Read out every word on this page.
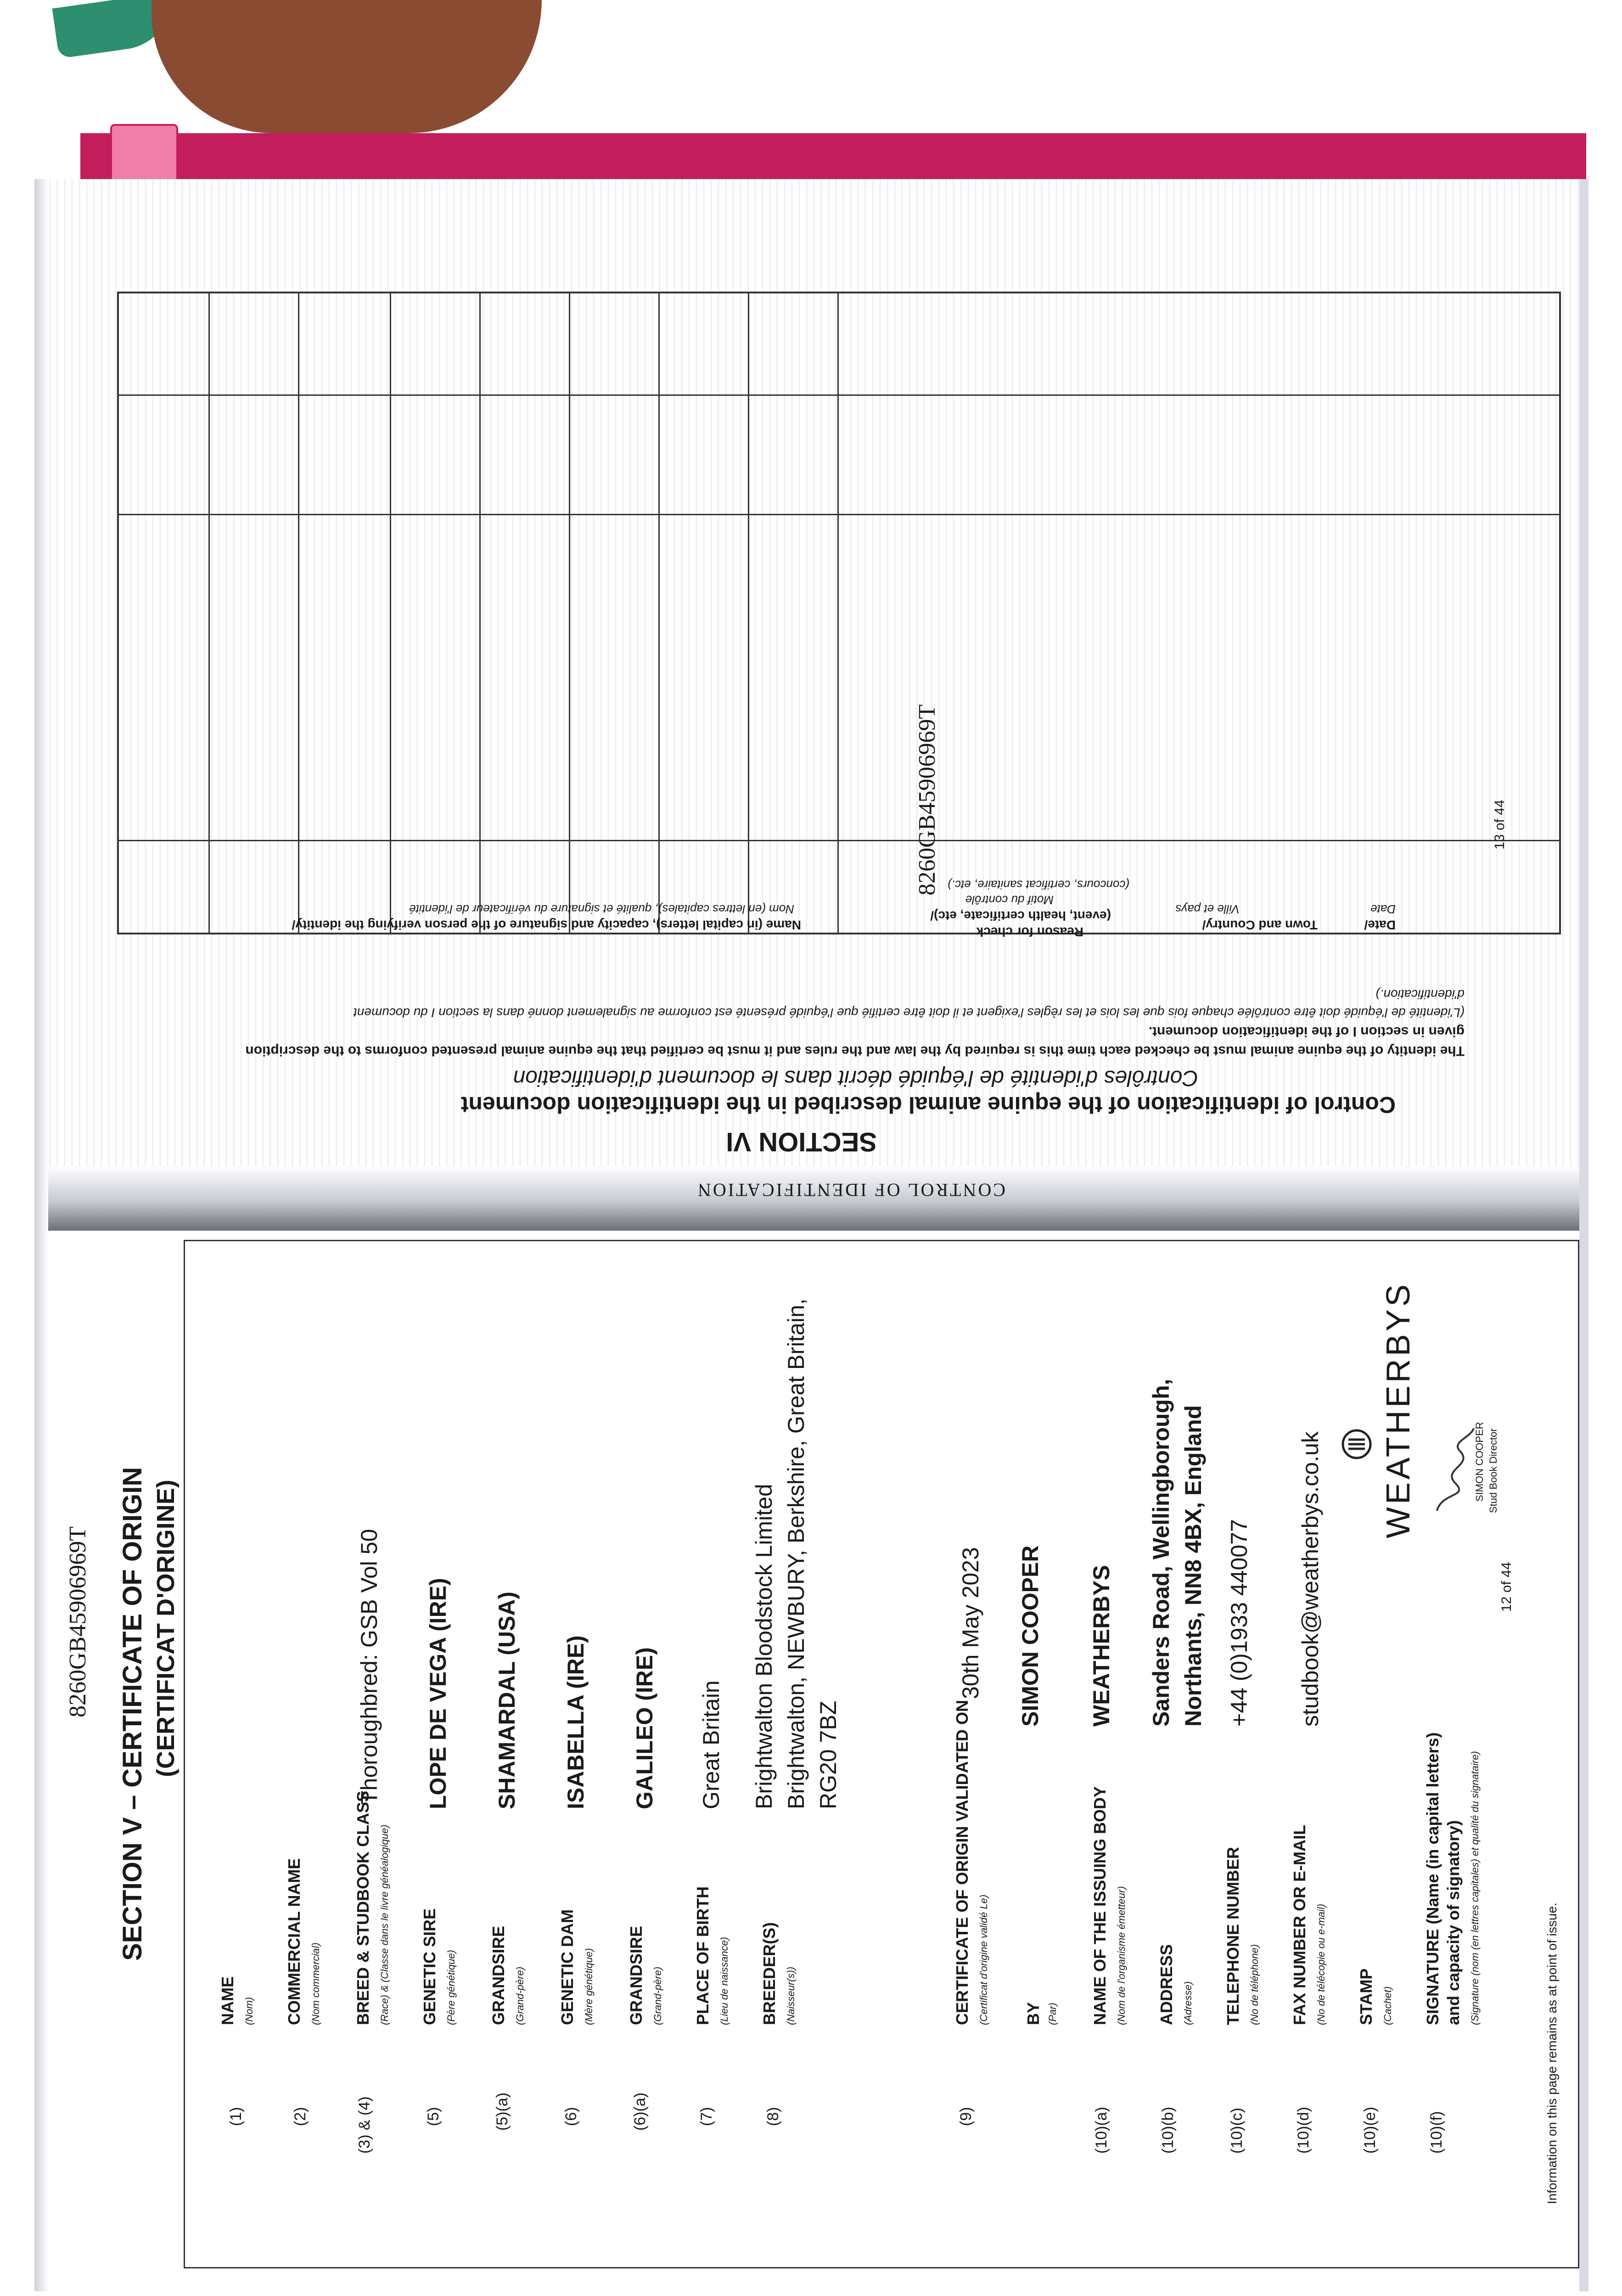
8260GB45906969T SECTION V – CERTIFICATE OF ORIGIN (CERTIFICAT D'ORIGINE)
(1)
NAME (Nom)
(2)
COMMERCIAL NAME (Nom commercial)
(3) & (4)
BREED & STUDBOOK CLASS (Race) & (Classe dans le livre généalogique)
Thoroughbred: GSB Vol 50
(5)
GENETIC SIRE (Père génétique)
LOPE DE VEGA (IRE)
(5)(a)
GRANDSIRE (Grand-père)
SHAMARDAL (USA)
(6)
GENETIC DAM (Mère génétique)
ISABELLA (IRE)
(6)(a)
GRANDSIRE (Grand-père)
GALILEO (IRE)
(7)
PLACE OF BIRTH (Lieu de naissance)
Great Britain
(8)
BREEDER(S) (Naisseur(s))
Brightwalton Bloodstock Limited Brightwalton, NEWBURY, Berkshire, Great Britain, RG20 7BZ
(9)
CERTIFICATE OF ORIGIN VALIDATED ON (Certificat d'origine validé Le)
30th May 2023
BY (Par)
SIMON COOPER
(10)(a)
NAME OF THE ISSUING BODY (Nom de l'organisme émetteur)
WEATHERBYS
(10)(b)
ADDRESS (Adresse)
Sanders Road, Wellingborough, Northants, NN8 4BX, England
(10)(c)
TELEPHONE NUMBER (No de téléphone)
+44 (0)1933 440077
(10)(d)
FAX NUMBER OR E-MAIL (No de télécopie ou e-mail)
studbook@weatherbys.co.uk
(10)(e)
STAMP (Cachet)
WEATHERBYS	SIMON COOPER Stud Book Director
(10)(f)
SIGNATURE (Name (in capital letters) and capacity of signatory) (Signature (nom (en lettres capitales) et qualité du signataire)
12 of 44
Information on this page remains as at point of issue.
CONTROL OF IDENTIFICATION
SECTION VI
Control of identification of the equine animal described in the identification document
Contrôles d'identité de l'équidé décrit dans le document d'identification
The identity of the equine animal must be checked each time this is required by the law and the rules and it must be certified that the equine animal presented conforms to the description
given in section I of the identification document.
(L'identité de l'équidé doit être contrôlée chaque fois que les lois et les règles l'exigent et il doit être certifié que l'équidé présenté est conforme au signalement donné dans la section I du document
d'identification.)
Date/
Date
Town and Country/
Ville et pays
Reason for check
(event, health certificate, etc)/
Motif du contrôle
(concours, certificat sanitaire, etc.)
Name (in capital letters), capacity and signature of the person verifying the identity/
Nom (en lettres capitales), qualité et signature du vérificateur de l'identité
8260GB45906969T	13 of 44
